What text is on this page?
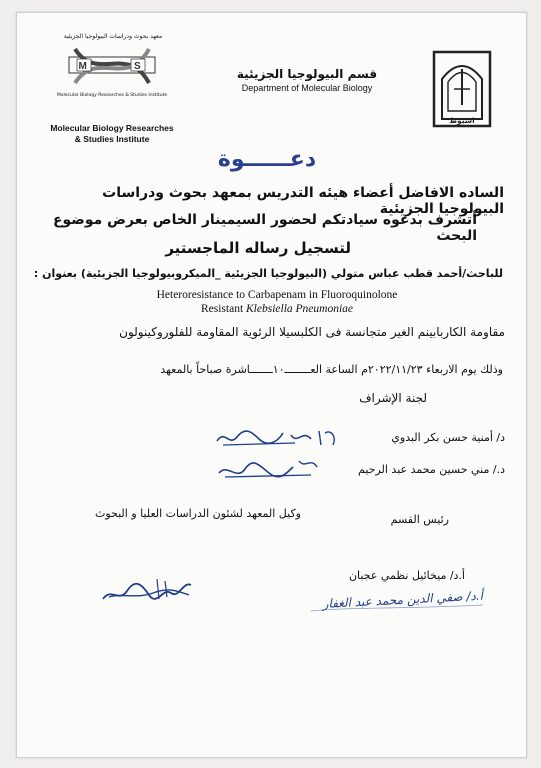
معهد بحوث ودراسات البيولوجيا الجزيئية
M	S
Molecular Biology Researches & Studies Institute
Molecular Biology Researches
& Studies Institute
قسم البيولوجيا الجزيئية
Department of Molecular Biology
اسيوط
دعــــــوة
الساده الافاضل أعضاء هيئه التدريس بمعهد بحوث ودراسات البيولوجيا الجزيئية
أتشرف بدعوه سيادتكم لحضور السيمينار الخاص بعرض موضوع البحث
لتسجيل رساله الماجستير
للباحث/أحمد قطب عباس متولي (البيولوجيا الجزيئية _الميكروبيولوجيا الجزيئية) بعنوان :
Heteroresistance to Carbapenam in Fluoroquinolone
Resistant Klebsiella Pneumoniae
مقاومة الكاربابينم الغير متجانسة فى الكلبسيلا الرئوية المقاومة للفلوروكينولون
وذلك يوم الاربعاء ٢٠٢٢/١١/٢٣م الساعة العــــــــ١٠ـــــــاشرة صباحاً بالمعهد
لجنة الإشراف
د/ أمنية حسن بكر البدوي
د./ مني حسين محمد عبد الرحيم
رئيس القسم
وكيل المعهد لشئون الدراسات العليا و البحوث
أ.د/ ميخائيل نظمي عجبان
أ.د/ صفي الدين محمد عبد الغفار
